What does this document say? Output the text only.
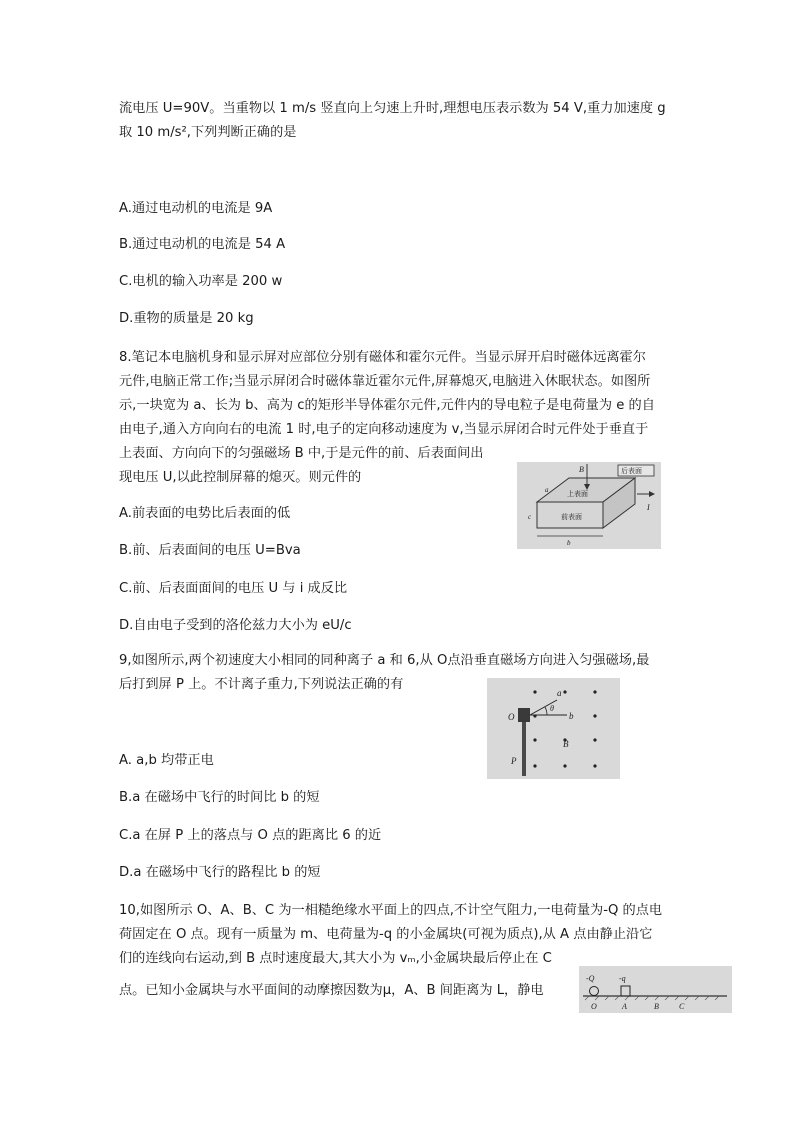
流电压 U=90V。当重物以 1 m/s 竖直向上匀速上升时,理想电压表示数为 54 V,重力加速度 g
取 10 m/s²,下列判断正确的是
A.通过电动机的电流是 9A
B.通过电动机的电流是 54 A
C.电机的输入功率是 200 w
D.重物的质量是 20 kg
8.笔记本电脑机身和显示屏对应部位分别有磁体和霍尔元件。当显示屏开启时磁体远离霍尔
元件,电脑正常工作;当显示屏闭合时磁体靠近霍尔元件,屏幕熄灭,电脑进入休眠状态。如图所
示,一块宽为 a、长为 b、高为 c的矩形半导体霍尔元件,元件内的导电粒子是电荷量为 e 的自
由电子,通入方向向右的电流 1 时,电子的定向移动速度为 v,当显示屏闭合时元件处于垂直于
上表面、方向向下的匀强磁场 B 中,于是元件的前、后表面间出
现电压 U,以此控制屏幕的熄灭。则元件的
A.前表面的电势比后表面的低
B.前、后表面间的电压 U=Bva
C.前、后表面面间的电压 U 与 i 成反比
D.自由电子受到的洛伦兹力大小为 eU/c
B	后表面
上表面
前表面
a
c
b
I
9,如图所示,两个初速度大小相同的同种离子 a 和 6,从 O点沿垂直磁场方向进入匀强磁场,最
后打到屏 P 上。不计离子重力,下列说法正确的有
A. a,b 均带正电
B.a 在磁场中飞行的时间比 b 的短
C.a 在屏 P 上的落点与 O 点的距离比 6 的近
D.a 在磁场中飞行的路程比 b 的短
O
a
b
θ
B
P
10,如图所示 O、A、B、C 为一相糙绝缘水平面上的四点,不计空气阻力,一电荷量为-Q 的点电
荷固定在 O 点。现有一质量为 m、电荷量为-q 的小金属块(可视为质点),从 A 点由静止沿它
们的连线向右运动,到 B 点时速度最大,其大小为 vₘ,小金属块最后停止在 C
点。已知小金属块与水平面间的动摩擦因数为μ，A、B 间距离为 L，静电
-Q	-q
O	A	B	C
